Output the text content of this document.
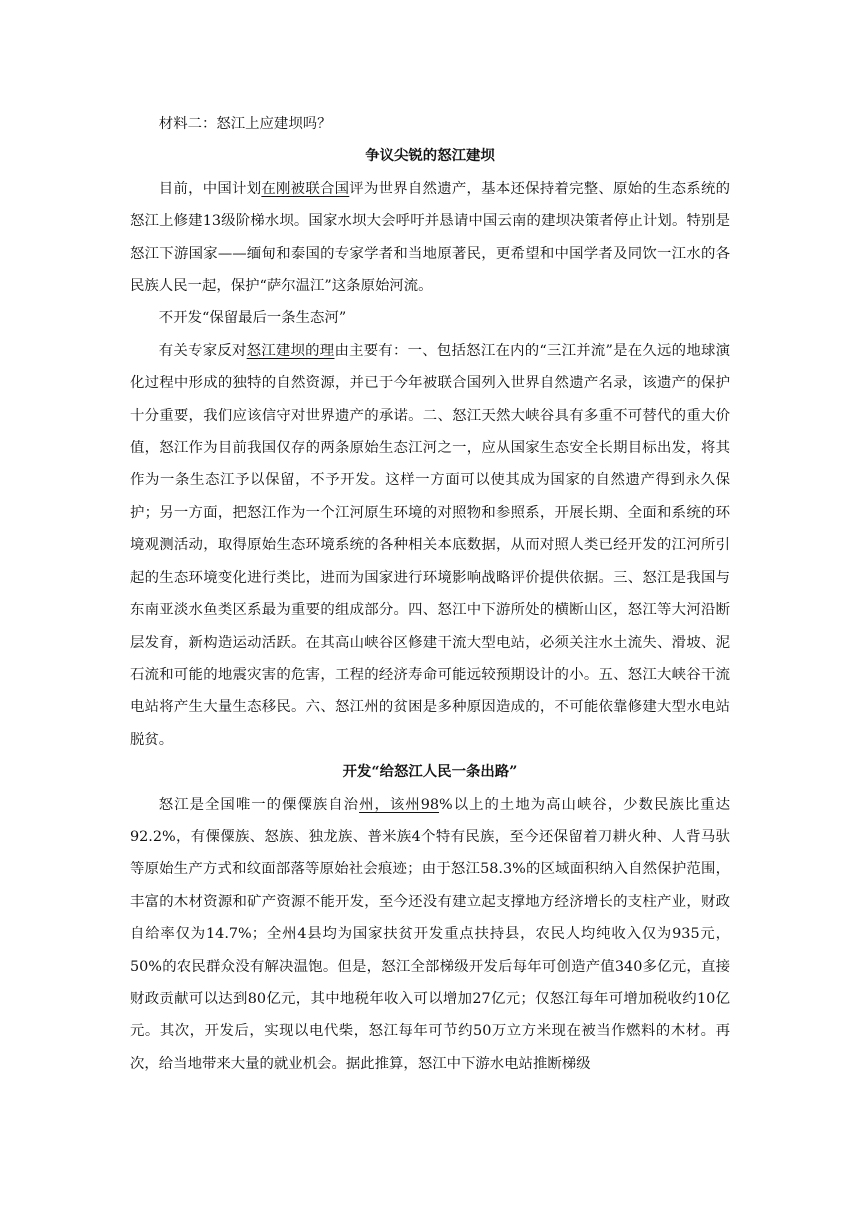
材料二：怒江上应建坝吗？

争议尖锐的怒江建坝

目前，中国计划在刚被联合国评为世界自然遗产，基本还保持着完整、原始的生态系统的怒江上修建13级阶梯水坝。国家水坝大会呼吁并恳请中国云南的建坝决策者停止计划。特别是怒江下游国家——缅甸和泰国的专家学者和当地原著民，更希望和中国学者及同饮一江水的各民族人民一起，保护“萨尔温江”这条原始河流。

不开发“保留最后一条生态河”

有关专家反对怒江建坝的理由主要有：一、包括怒江在内的“三江并流”是在久远的地球演化过程中形成的独特的自然资源，并已于今年被联合国列入世界自然遗产名录，该遗产的保护十分重要，我们应该信守对世界遗产的承诺。二、怒江天然大峡谷具有多重不可替代的重大价值，怒江作为目前我国仅存的两条原始生态江河之一，应从国家生态安全长期目标出发，将其作为一条生态江予以保留，不予开发。这样一方面可以使其成为国家的自然遗产得到永久保护；另一方面，把怒江作为一个江河原生环境的对照物和参照系，开展长期、全面和系统的环境观测活动，取得原始生态环境系统的各种相关本底数据，从而对照人类已经开发的江河所引起的生态环境变化进行类比，进而为国家进行环境影响战略评价提供依据。三、怒江是我国与东南亚淡水鱼类区系最为重要的组成部分。四、怒江中下游所处的横断山区，怒江等大河沿断层发育，新构造运动活跃。在其高山峡谷区修建干流大型电站，必须关注水土流失、滑坡、泥石流和可能的地震灾害的危害，工程的经济寿命可能远较预期设计的小。五、怒江大峡谷干流电站将产生大量生态移民。六、怒江州的贫困是多种原因造成的，不可能依靠修建大型水电站脱贫。

开发“给怒江人民一条出路”

怒江是全国唯一的傈僳族自治州，该州98%以上的土地为高山峡谷，少数民族比重达92.2%，有傈僳族、怒族、独龙族、普米族4个特有民族，至今还保留着刀耕火种、人背马驮等原始生产方式和纹面部落等原始社会痕迹；由于怒江58.3%的区域面积纳入自然保护范围，丰富的木材资源和矿产资源不能开发，至今还没有建立起支撑地方经济增长的支柱产业，财政自给率仅为14.7%；全州4县均为国家扶贫开发重点扶持县，农民人均纯收入仅为935元，50%的农民群众没有解决温饱。但是，怒江全部梯级开发后每年可创造产值340多亿元，直接财政贡献可以达到80亿元，其中地税年收入可以增加27亿元；仅怒江每年可增加税收约10亿元。其次，开发后，实现以电代柴，怒江每年可节约50万立方米现在被当作燃料的木材。再次，给当地带来大量的就业机会。据此推算，怒江中下游水电站推断梯级
